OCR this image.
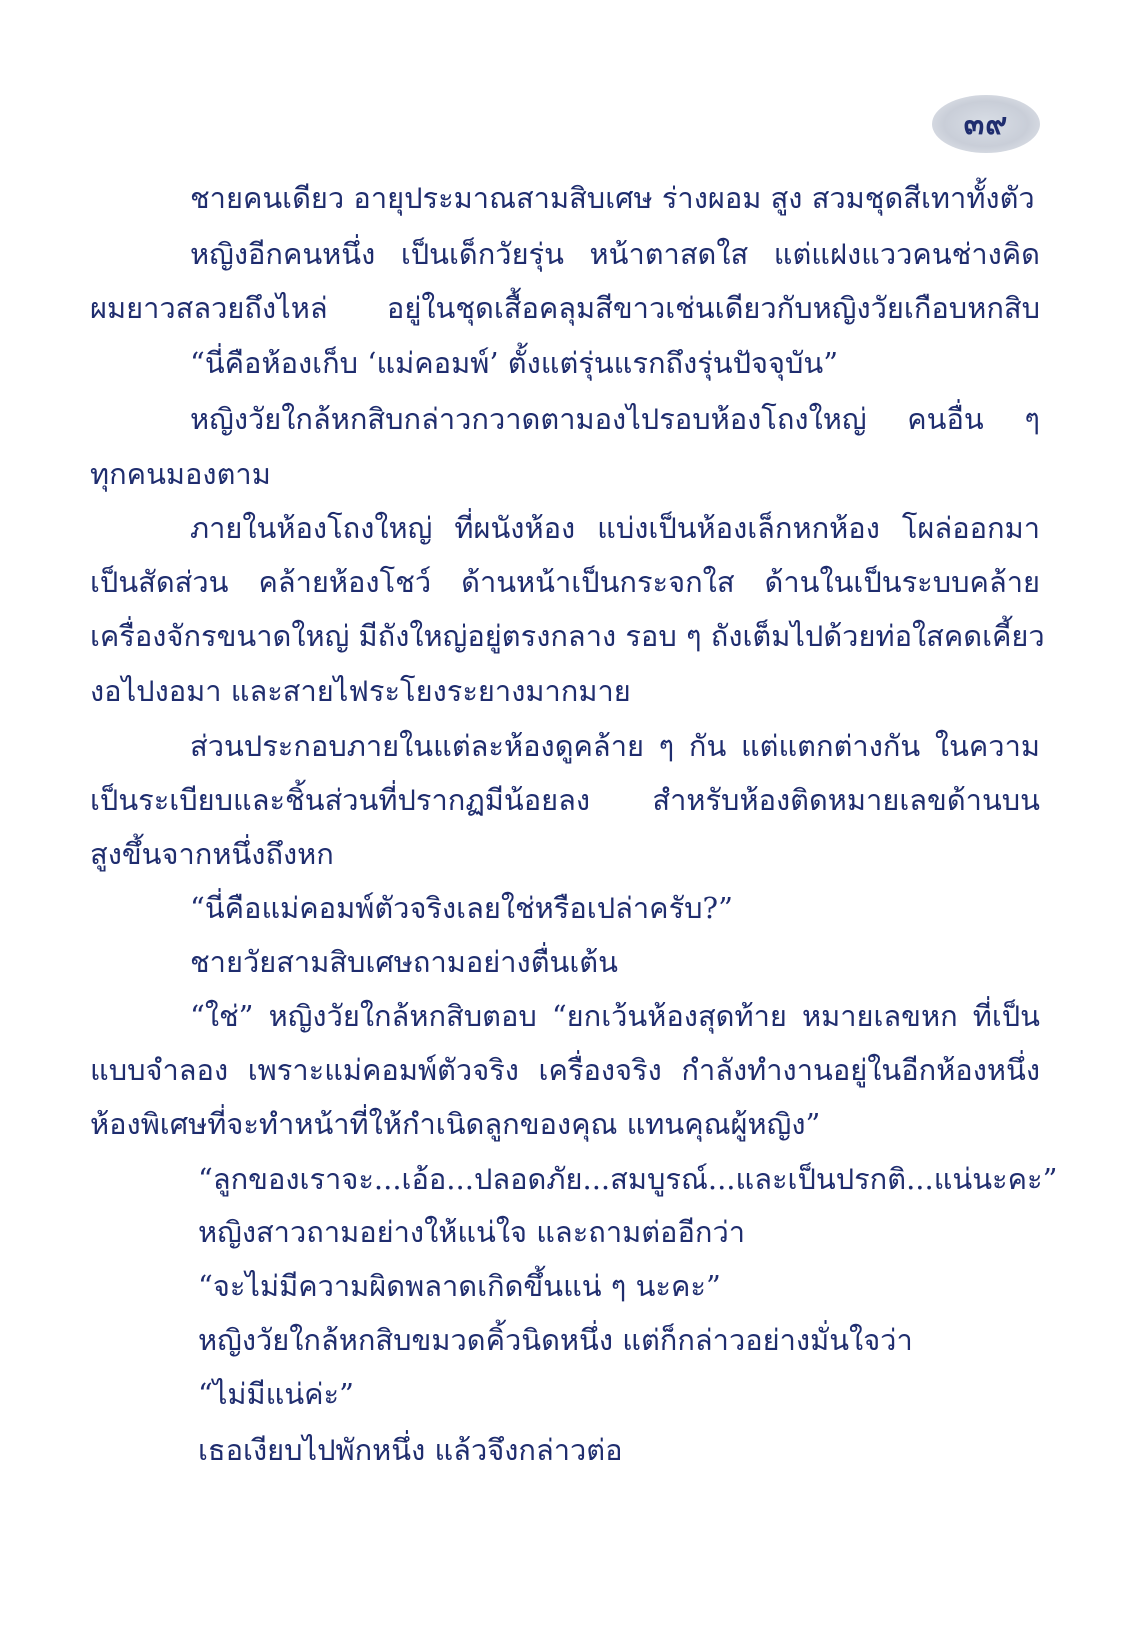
๓๙
ชายคนเดียว อายุประมาณสามสิบเศษ ร่างผอม สูง สวมชุดสีเทาทั้งตัว
หญิงอีกคนหนึ่ง เป็นเด็กวัยรุ่น หน้าตาสดใส แต่แฝงแววคนช่างคิด
ผมยาวสลวยถึงไหล่ อยู่ในชุดเสื้อคลุมสีขาวเช่นเดียวกับหญิงวัยเกือบหกสิบ
“นี่คือห้องเก็บ ‘แม่คอมพ์’ ตั้งแต่รุ่นแรกถึงรุ่นปัจจุบัน”
หญิงวัยใกล้หกสิบกล่าวกวาดตามองไปรอบห้องโถงใหญ่ คนอื่น ๆ
ทุกคนมองตาม
ภายในห้องโถงใหญ่ ที่ผนังห้อง แบ่งเป็นห้องเล็กหกห้อง โผล่ออกมา
เป็นสัดส่วน คล้ายห้องโชว์ ด้านหน้าเป็นกระจกใส ด้านในเป็นระบบคล้าย
เครื่องจักรขนาดใหญ่ มีถังใหญ่อยู่ตรงกลาง รอบ ๆ ถังเต็มไปด้วยท่อใสคดเคี้ยว
งอไปงอมา และสายไฟระโยงระยางมากมาย
ส่วนประกอบภายในแต่ละห้องดูคล้าย ๆ กัน แต่แตกต่างกัน ในความ
เป็นระเบียบและชิ้นส่วนที่ปรากฏมีน้อยลง สำหรับห้องติดหมายเลขด้านบน
สูงขึ้นจากหนึ่งถึงหก
“นี่คือแม่คอมพ์ตัวจริงเลยใช่หรือเปล่าครับ?”
ชายวัยสามสิบเศษถามอย่างตื่นเต้น
“ใช่” หญิงวัยใกล้หกสิบตอบ “ยกเว้นห้องสุดท้าย หมายเลขหก ที่เป็น
แบบจำลอง เพราะแม่คอมพ์ตัวจริง เครื่องจริง กำลังทำงานอยู่ในอีกห้องหนึ่ง
ห้องพิเศษที่จะทำหน้าที่ให้กำเนิดลูกของคุณ แทนคุณผู้หญิง”
“ลูกของเราจะ...เอ้อ...ปลอดภัย...สมบูรณ์...และเป็นปรกติ...แน่นะคะ”
หญิงสาวถามอย่างให้แน่ใจ และถามต่ออีกว่า
“จะไม่มีความผิดพลาดเกิดขึ้นแน่ ๆ นะคะ”
หญิงวัยใกล้หกสิบขมวดคิ้วนิดหนึ่ง แต่ก็กล่าวอย่างมั่นใจว่า
“ไม่มีแน่ค่ะ”
เธอเงียบไปพักหนึ่ง แล้วจึงกล่าวต่อ
